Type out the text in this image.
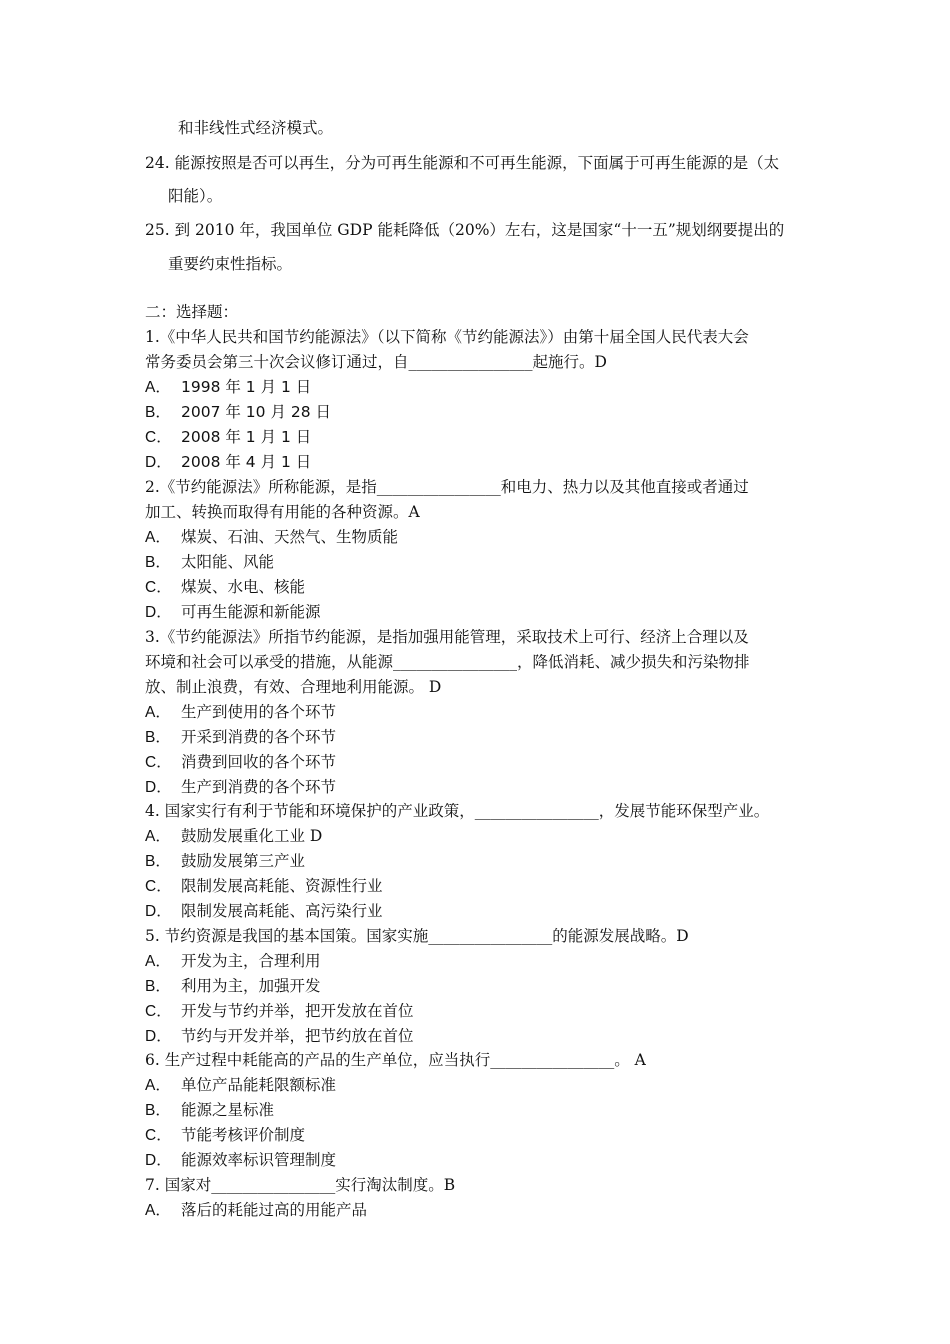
和非线性式经济模式。
24. 能源按照是否可以再生，分为可再生能源和不可再生能源，下面属于可再生能源的是（太
阳能）。
25. 到 2010 年，我国单位 GDP 能耗降低（20%）左右，这是国家“十一五”规划纲要提出的
重要约束性指标。
二：选择题：
1.《中华人民共和国节约能源法》（以下简称《节约能源法》）由第十届全国人民代表大会
常务委员会第三十次会议修订通过，自________________起施行。D
A． 1998 年 1 月 1 日
B． 2007 年 10 月 28 日
C． 2008 年 1 月 1 日
D． 2008 年 4 月 1 日
2.《节约能源法》所称能源，是指________________和电力、热力以及其他直接或者通过
加工、转换而取得有用能的各种资源。A
A． 煤炭、石油、天然气、生物质能
B． 太阳能、风能
C． 煤炭、水电、核能
D． 可再生能源和新能源
3.《节约能源法》所指节约能源，是指加强用能管理，采取技术上可行、经济上合理以及
环境和社会可以承受的措施，从能源________________，降低消耗、减少损失和污染物排
放、制止浪费，有效、合理地利用能源。 D
A． 生产到使用的各个环节
B． 开采到消费的各个环节
C． 消费到回收的各个环节
D． 生产到消费的各个环节
4. 国家实行有利于节能和环境保护的产业政策，________________，发展节能环保型产业。
A． 鼓励发展重化工业 D
B． 鼓励发展第三产业
C． 限制发展高耗能、资源性行业
D． 限制发展高耗能、高污染行业
5. 节约资源是我国的基本国策。国家实施________________的能源发展战略。D
A． 开发为主，合理利用
B． 利用为主，加强开发
C． 开发与节约并举，把开发放在首位
D． 节约与开发并举，把节约放在首位
6. 生产过程中耗能高的产品的生产单位，应当执行________________。 A
A． 单位产品能耗限额标准
B． 能源之星标准
C． 节能考核评价制度
D． 能源效率标识管理制度
7. 国家对________________实行淘汰制度。B
A． 落后的耗能过高的用能产品
